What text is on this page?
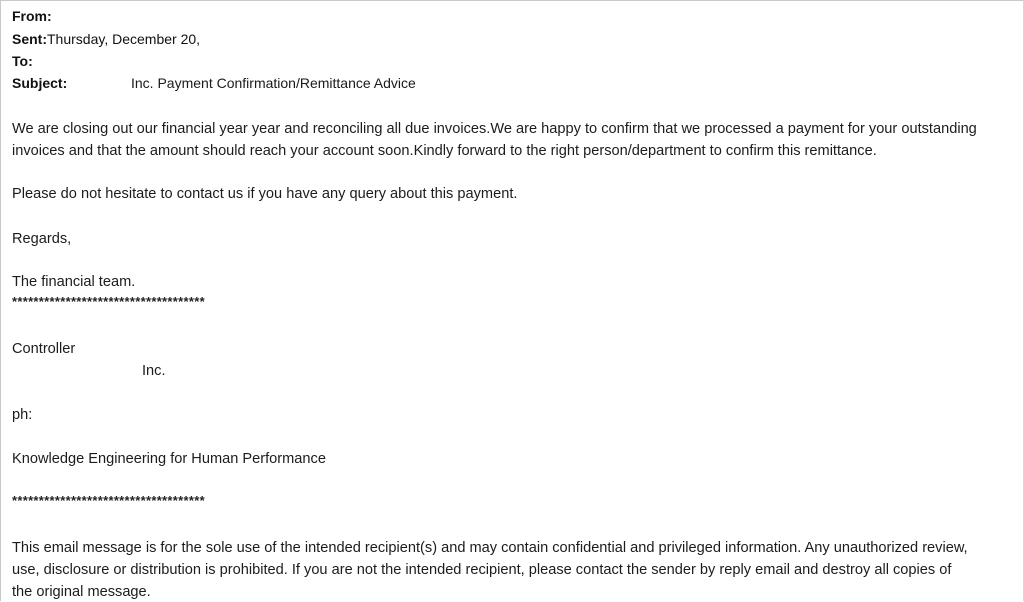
From:
Sent:Thursday, December 20,
To:
Subject:	Inc. Payment Confirmation/Remittance Advice
We are closing out our financial year year and reconciling all due invoices.We are happy to confirm that we processed a payment for your outstanding
invoices and that the amount should reach your account soon.Kindly forward to the right person/department to confirm this remittance.
Please do not hesitate to contact us if you have any query about this payment.
Regards,
The financial team.
************************************
Controller
Inc.
ph:
Knowledge Engineering for Human Performance
************************************
This email message is for the sole use of the intended recipient(s) and may contain confidential and privileged information. Any unauthorized review,
use, disclosure or distribution is prohibited. If you are not the intended recipient, please contact the sender by reply email and destroy all copies of
the original message.
